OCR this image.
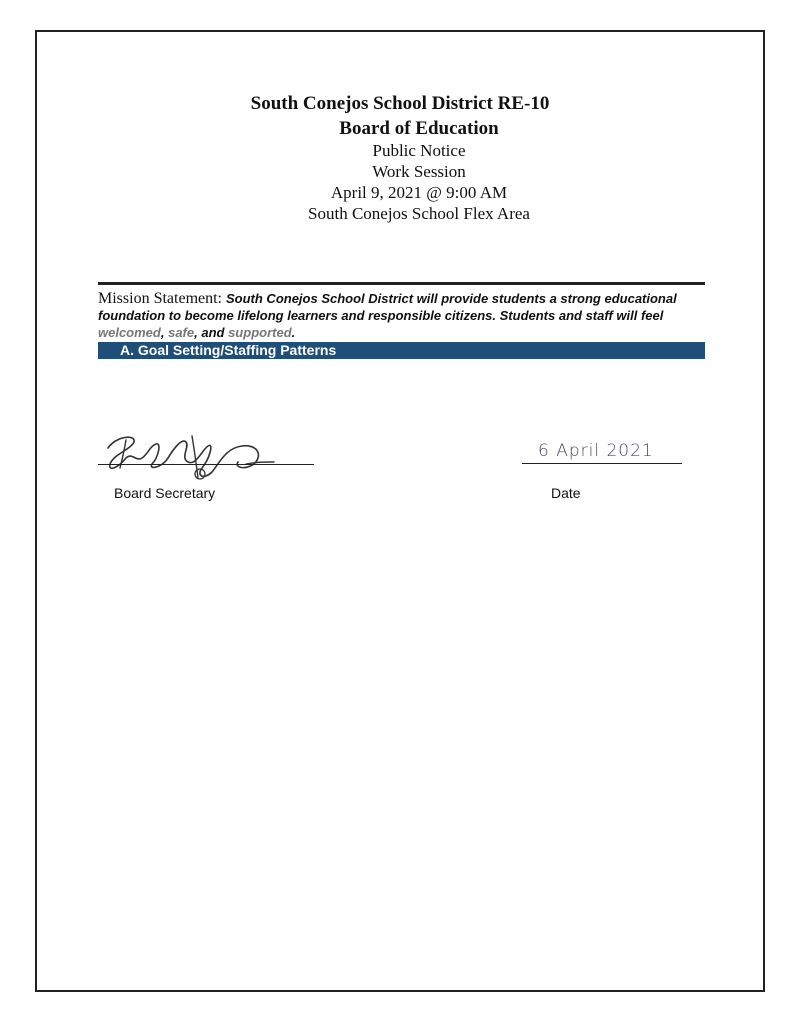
South Conejos School District RE-10
Board of Education
Public Notice
Work Session
April 9, 2021 @ 9:00 AM
South Conejos School Flex Area
Mission Statement: South Conejos School District will provide students a strong educational foundation to become lifelong learners and responsible citizens. Students and staff will feel welcomed, safe, and supported.
A. Goal Setting/Staffing Patterns
Board Secretary
6 April 2021
Date
